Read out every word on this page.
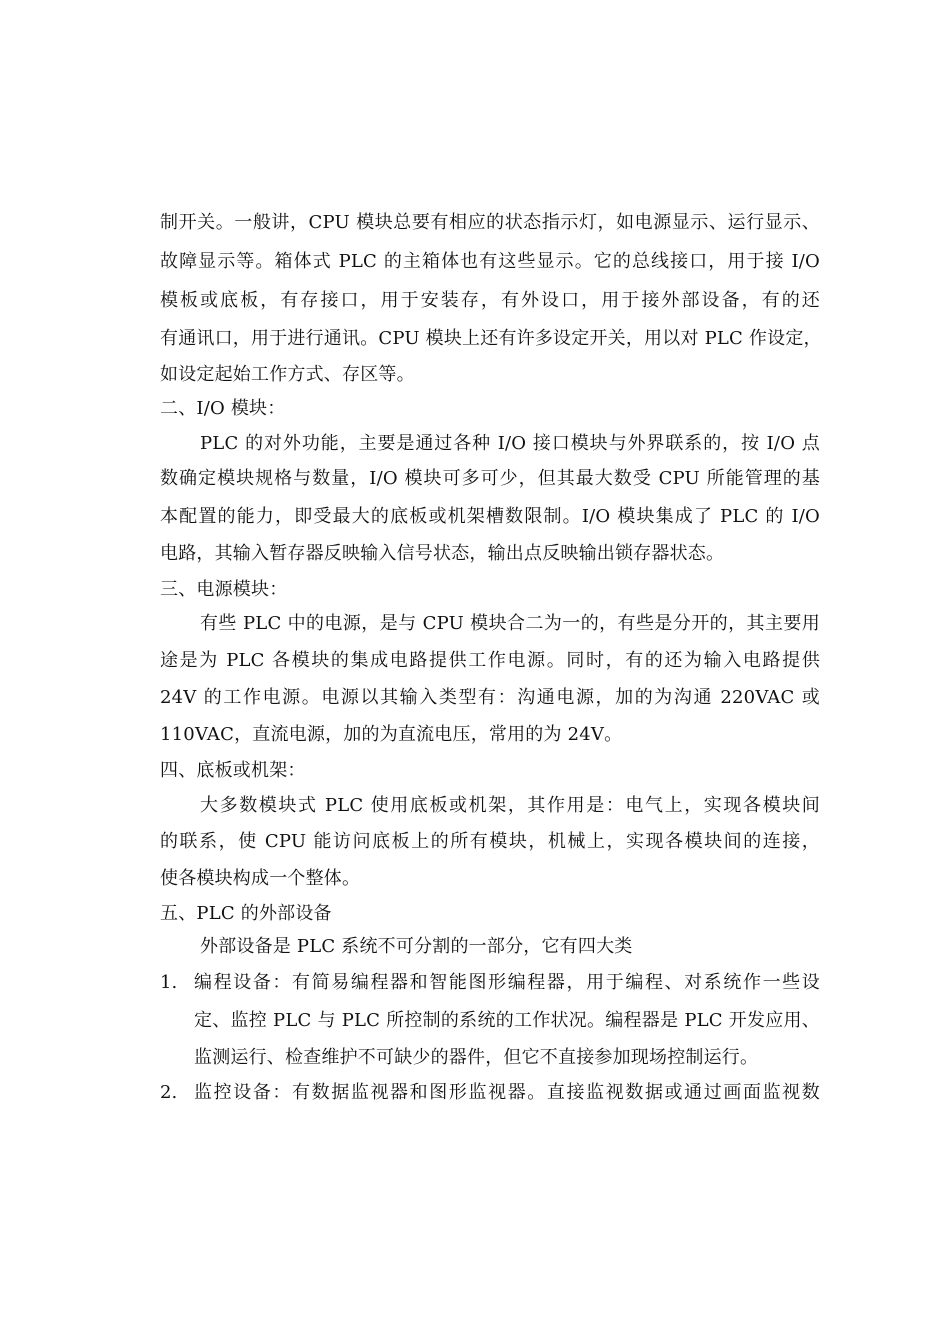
制开关。一般讲，CPU 模块总要有相应的状态指示灯，如电源显示、运行显示、
故障显示等。箱体式 PLC 的主箱体也有这些显示。它的总线接口，用于接 I/O
模板或底板，有存接口，用于安装存，有外设口，用于接外部设备，有的还
有通讯口，用于进行通讯。CPU 模块上还有许多设定开关，用以对 PLC 作设定，
如设定起始工作方式、存区等。
二、I/O 模块：
PLC 的对外功能，主要是通过各种 I/O 接口模块与外界联系的，按 I/O 点
数确定模块规格与数量，I/O 模块可多可少，但其最大数受 CPU 所能管理的基
本配置的能力，即受最大的底板或机架槽数限制。I/O 模块集成了 PLC 的 I/O
电路，其输入暂存器反映输入信号状态，输出点反映输出锁存器状态。
三、电源模块：
有些 PLC 中的电源，是与 CPU 模块合二为一的，有些是分开的，其主要用
途是为 PLC 各模块的集成电路提供工作电源。同时，有的还为输入电路提供
24V 的工作电源。电源以其输入类型有：沟通电源，加的为沟通 220VAC 或
110VAC，直流电源，加的为直流电压，常用的为 24V。
四、底板或机架：
大多数模块式 PLC 使用底板或机架，其作用是：电气上，实现各模块间
的联系，使 CPU 能访问底板上的所有模块，机械上，实现各模块间的连接，
使各模块构成一个整体。
五、PLC 的外部设备
外部设备是 PLC 系统不可分割的一部分，它有四大类
1. 编程设备：有简易编程器和智能图形编程器，用于编程、对系统作一些设
定、监控 PLC 与 PLC 所控制的系统的工作状况。编程器是 PLC 开发应用、
监测运行、检查维护不可缺少的器件，但它不直接参加现场控制运行。
2. 监控设备：有数据监视器和图形监视器。直接监视数据或通过画面监视数
